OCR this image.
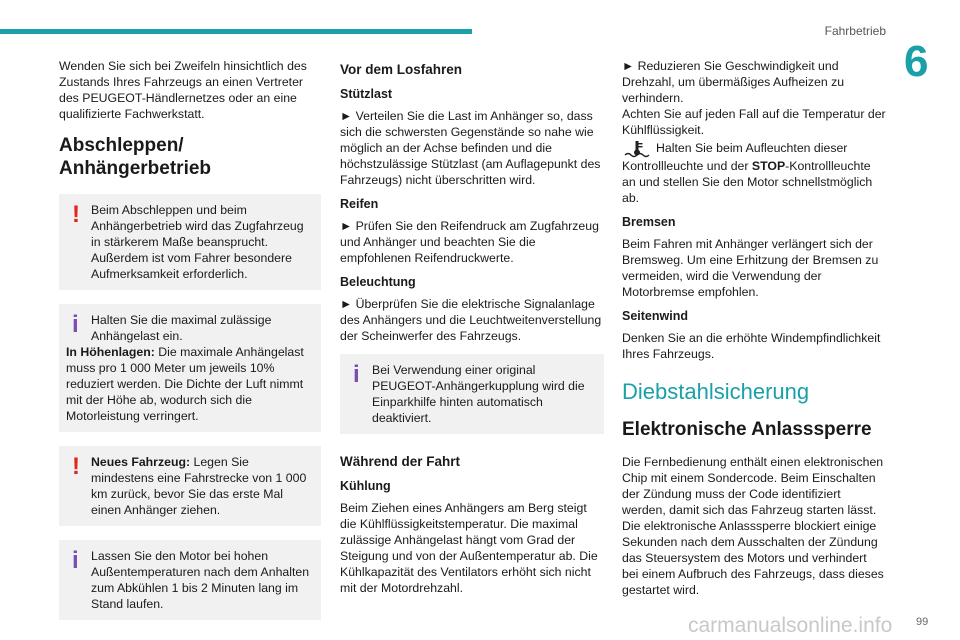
Fahrbetrieb
6

Wenden Sie sich bei Zweifeln hinsichtlich des Zustands Ihres Fahrzeugs an einen Vertreter des PEUGEOT-Händlernetzes oder an eine qualifizierte Fachwerkstatt.

Abschleppen/ Anhängerbetrieb
! Beim Abschleppen und beim Anhängerbetrieb wird das Zugfahrzeug in stärkerem Maße beansprucht. Außerdem ist vom Fahrer besondere Aufmerksamkeit erforderlich.
i	Halten Sie die maximal zulässige Anhängelast ein.
In Höhenlagen: Die maximale Anhängelast muss pro 1 000 Meter um jeweils 10% reduziert werden. Die Dichte der Luft nimmt mit der Höhe ab, wodurch sich die Motorleistung verringert.
! Neues Fahrzeug: Legen Sie mindestens eine Fahrstrecke von 1 000 km zurück, bevor Sie das erste Mal einen Anhänger ziehen.
i	Lassen Sie den Motor bei hohen Außentemperaturen nach dem Anhalten zum Abkühlen 1 bis 2 Minuten lang im Stand laufen.
Vor dem Losfahren
Stützlast

► Verteilen Sie die Last im Anhänger so, dass sich die schwersten Gegenstände so nahe wie möglich an der Achse befinden und die höchstzulässige Stützlast (am Auflagepunkt des Fahrzeugs) nicht überschritten wird.

Reifen

► Prüfen Sie den Reifendruck am Zugfahrzeug und Anhänger und beachten Sie die empfohlenen Reifendruckwerte.

Beleuchtung

► Überprüfen Sie die elektrische Signalanlage des Anhängers und die Leuchtweitenverstellung der Scheinwerfer des Fahrzeugs.

i	Bei Verwendung einer original PEUGEOT-Anhängerkupplung wird die Einparkhilfe hinten automatisch deaktiviert.
Während der Fahrt
Kühlung

Beim Ziehen eines Anhängers am Berg steigt die Kühlflüssigkeitstemperatur. Die maximal zulässige Anhängelast hängt vom Grad der Steigung und von der Außentemperatur ab. Die Kühlkapazität des Ventilators erhöht sich nicht mit der Motordrehzahl.

► Reduzieren Sie Geschwindigkeit und Drehzahl, um übermäßiges Aufheizen zu verhindern.

Achten Sie auf jeden Fall auf die Temperatur der Kühlflüssigkeit.

Halten Sie beim Aufleuchten dieser Kontrollleuchte und der STOP-Kontrollleuchte an und stellen Sie den Motor schnellstmöglich ab.
Bremsen

Beim Fahren mit Anhänger verlängert sich der Bremsweg. Um eine Erhitzung der Bremsen zu vermeiden, wird die Verwendung der Motorbremse empfohlen.

Seitenwind

Denken Sie an die erhöhte Windempfindlichkeit Ihres Fahrzeugs.

Diebstahlsicherung
Elektronische Anlasssperre

Die Fernbedienung enthält einen elektronischen Chip mit einem Sondercode. Beim Einschalten der Zündung muss der Code identifiziert werden, damit sich das Fahrzeug starten lässt.

Die elektronische Anlasssperre blockiert einige Sekunden nach dem Ausschalten der Zündung das Steuersystem des Motors und verhindert bei einem Aufbruch des Fahrzeugs, dass dieses gestartet wird.

carmanualsonline.info 99
